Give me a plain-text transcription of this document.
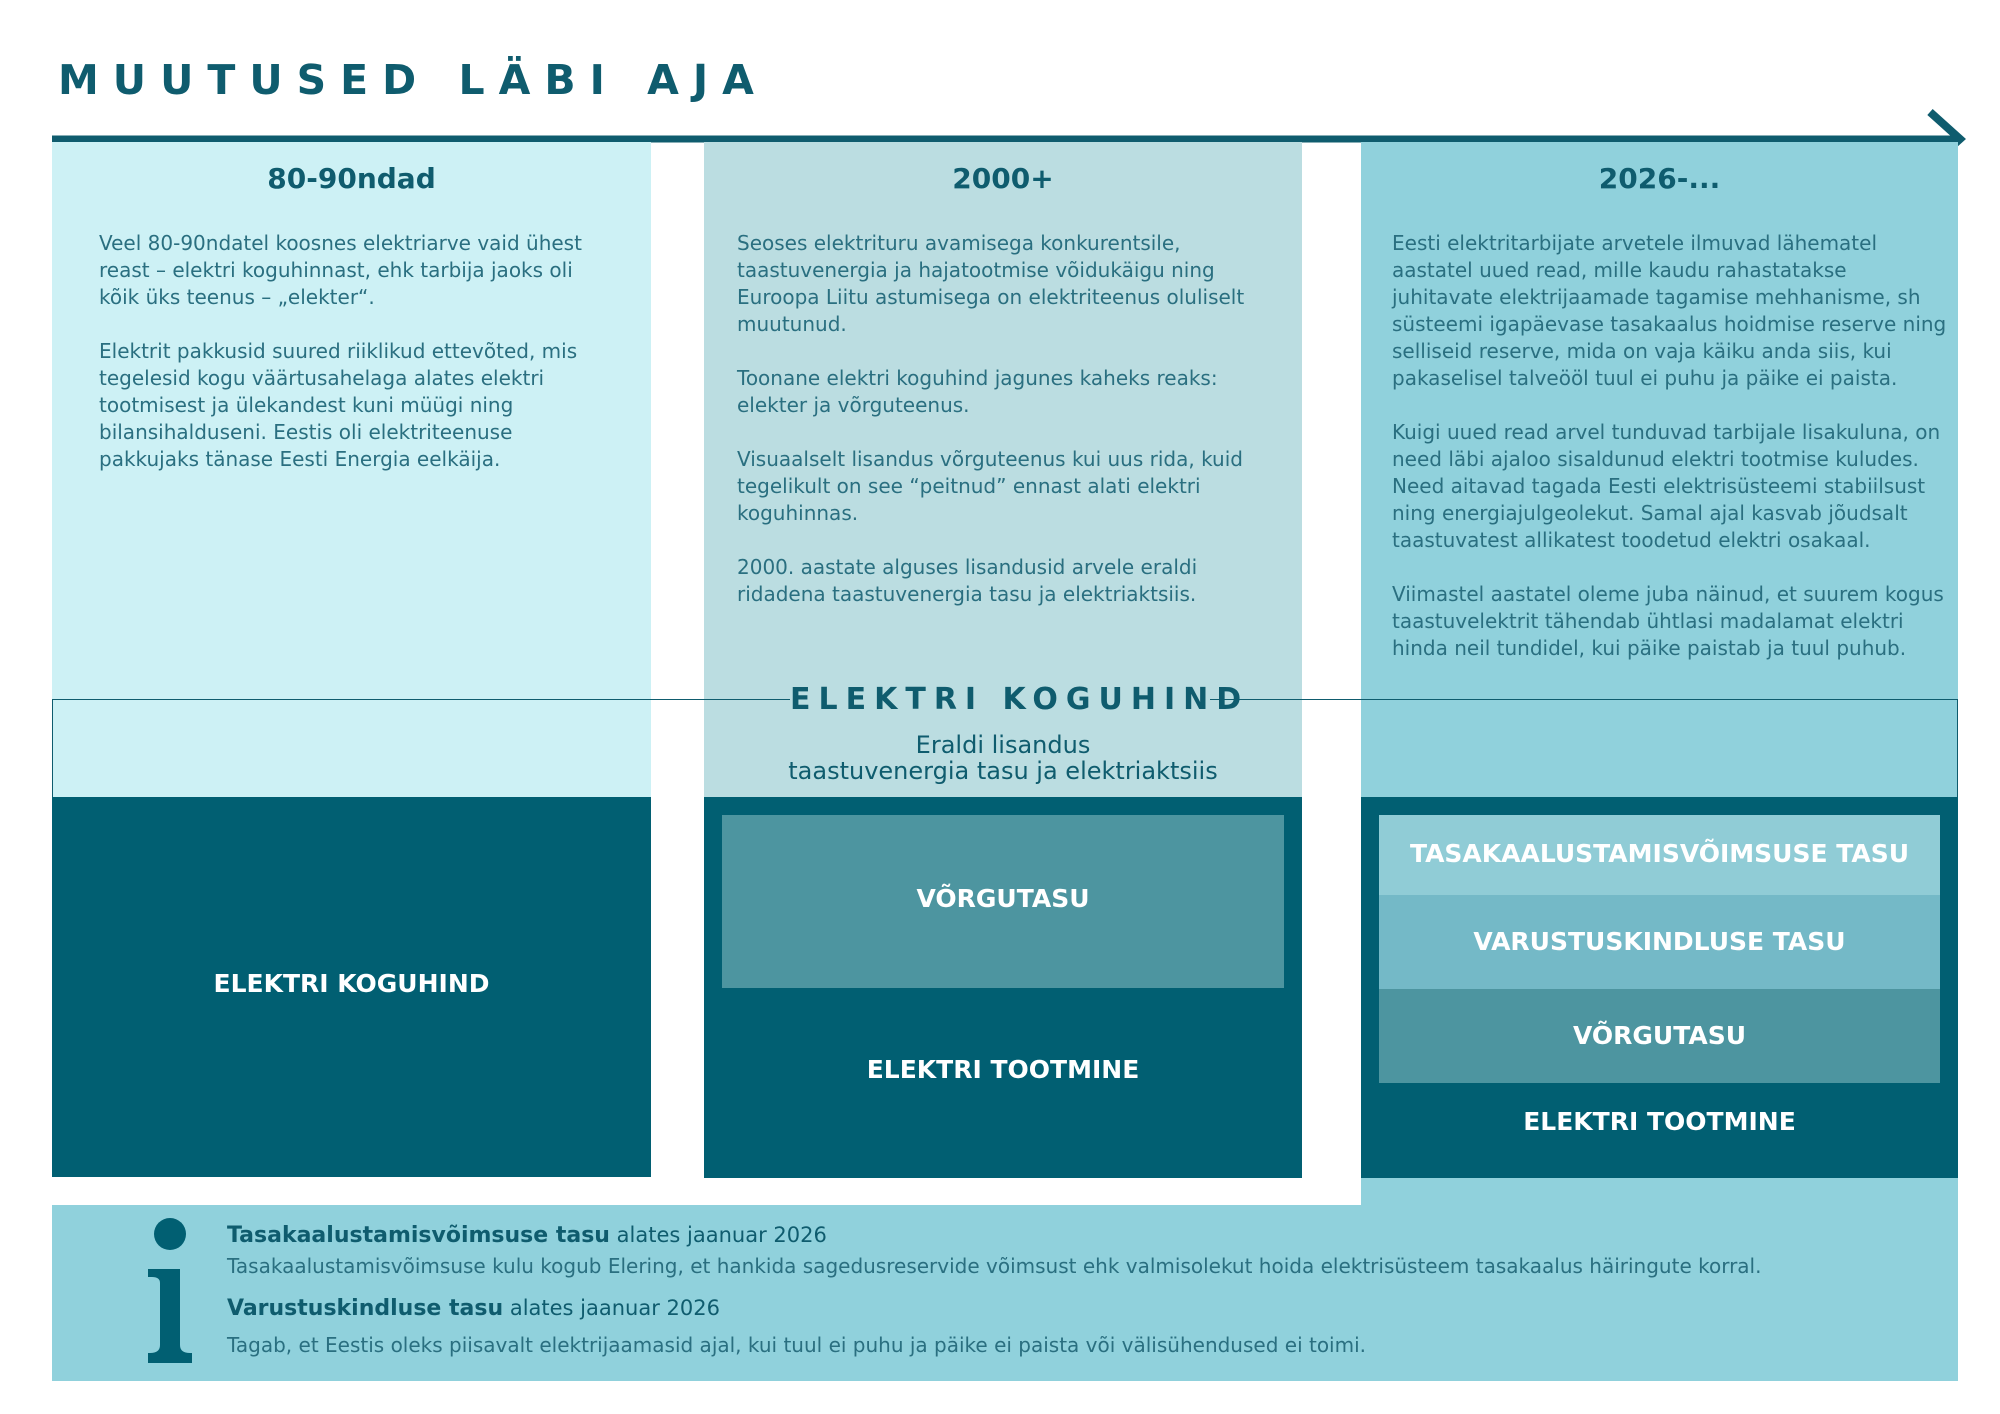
MUUTUSED LÄBI AJA
80-90ndad

Veel 80-90ndatel koosnes elektriarve vaid ühest reast – elektri koguhinnast, ehk tarbija jaoks oli kõik üks teenus – „elekter“.

Elektrit pakkusid suured riiklikud ettevõted, mis tegelesid kogu väärtusahelaga alates elektri tootmisest ja ülekandest kuni müügi ning bilansihalduseni. Eestis oli elektriteenuse pakkujaks tänase Eesti Energia eelkäija.

2000+

Seoses elektrituru avamisega konkurentsile, taastuvenergia ja hajatootmise võidukäigu ning Euroopa Liitu astumisega on elektriteenus oluliselt muutunud.

Toonane elektri koguhind jagunes kaheks reaks: elekter ja võrguteenus.

Visuaalselt lisandus võrguteenus kui uus rida, kuid tegelikult on see “peitnud” ennast alati elektri koguhinnas.

2000. aastate alguses lisandusid arvele eraldi ridadena taastuvenergia tasu ja elektriaktsiis.

Eraldi lisandus
taastuvenergia tasu ja elektriaktsiis
2026-...

Eesti elektritarbijate arvetele ilmuvad lähematel aastatel uued read, mille kaudu rahastatakse juhitavate elektrijaamade tagamise mehhanisme, sh süsteemi igapäevase tasakaalus hoidmise reserve ning selliseid reserve, mida on vaja käiku anda siis, kui pakaselisel talveööl tuul ei puhu ja päike ei paista.

Kuigi uued read arvel tunduvad tarbijale lisakuluna, on need läbi ajaloo sisaldunud elektri tootmise kuludes. Need aitavad tagada Eesti elektrisüsteemi stabiilsust ning energiajulgeolekut. Samal ajal kasvab jõudsalt taastuvatest allikatest toodetud elektri osakaal.

Viimastel aastatel oleme juba näinud, et suurem kogus taastuvelektrit tähendab ühtlasi madalamat elektri hinda neil tundidel, kui päike paistab ja tuul puhub.

ELEKTRI KOGUHIND
ELEKTRI KOGUHIND
VÕRGUTASU
ELEKTRI TOOTMINE
TASAKAALUSTAMISVÕIMSUSE TASU
VARUSTUSKINDLUSE TASU
VÕRGUTASU
ELEKTRI TOOTMINE
Tasakaalustamisvõimsuse tasu alates jaanuar 2026
Tasakaalustamisvõimsuse kulu kogub Elering, et hankida sagedusreservide võimsust ehk valmisolekut hoida elektrisüsteem tasakaalus häiringute korral.
Varustuskindluse tasu alates jaanuar 2026
Tagab, et Eestis oleks piisavalt elektrijaamasid ajal, kui tuul ei puhu ja päike ei paista või välisühendused ei toimi.
